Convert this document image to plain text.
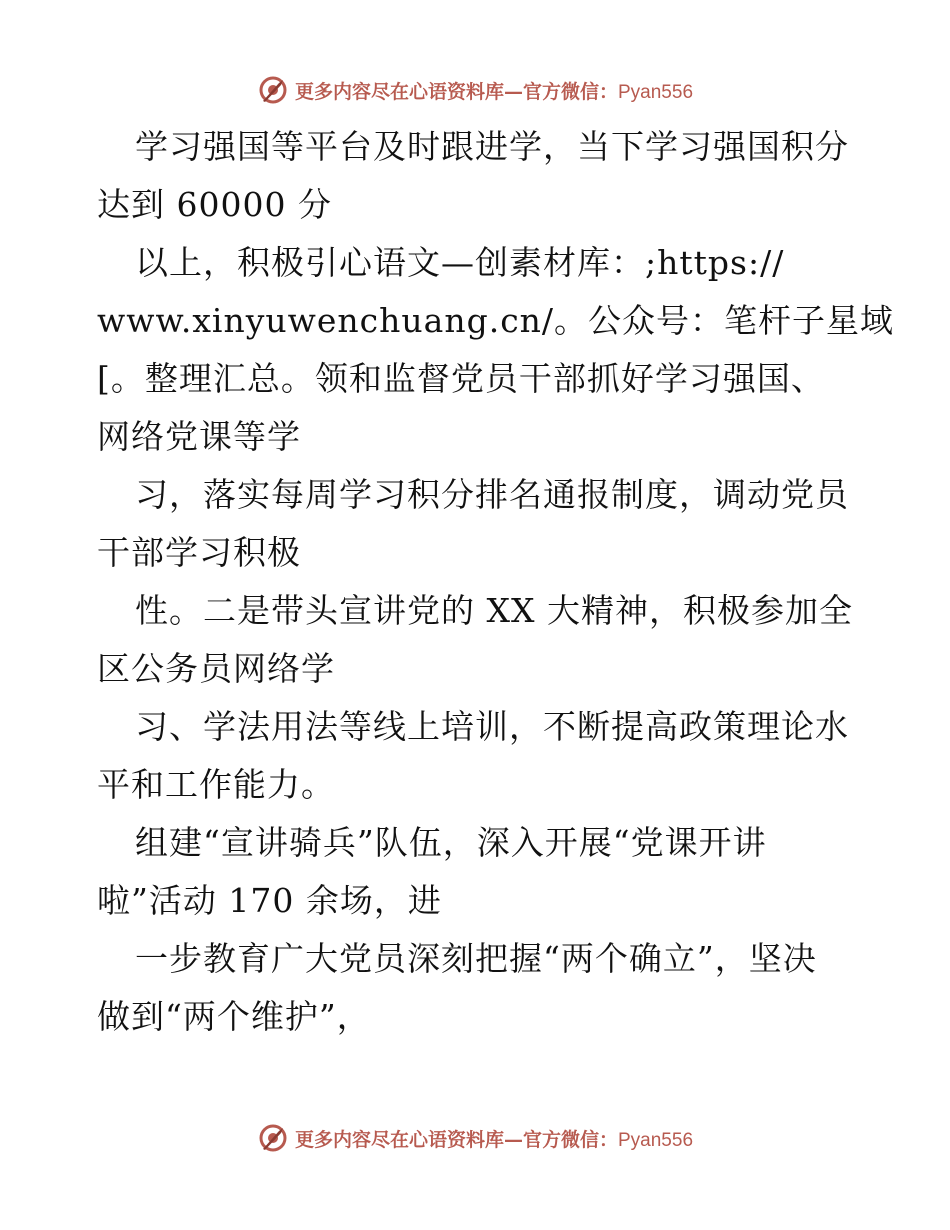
更多内容尽在心语资料库—官方微信：Pyan556
学习强国等平台及时跟进学，当下学习强国积分
达到 60000 分
以上，积极引心语文—创素材库：;https://
www.xinyuwenchuang.cn/。公众号：笔杆子星域
[。整理汇总。领和监督党员干部抓好学习强国、
网络党课等学
习，落实每周学习积分排名通报制度，调动党员
干部学习积极
性。二是带头宣讲党的 XX 大精神，积极参加全
区公务员网络学
习、学法用法等线上培训，不断提高政策理论水
平和工作能力。
组建“宣讲骑兵”队伍，深入开展“党课开讲
啦”活动 170 余场，进
一步教育广大党员深刻把握“两个确立”，坚决
做到“两个维护”，
更多内容尽在心语资料库—官方微信：Pyan556
